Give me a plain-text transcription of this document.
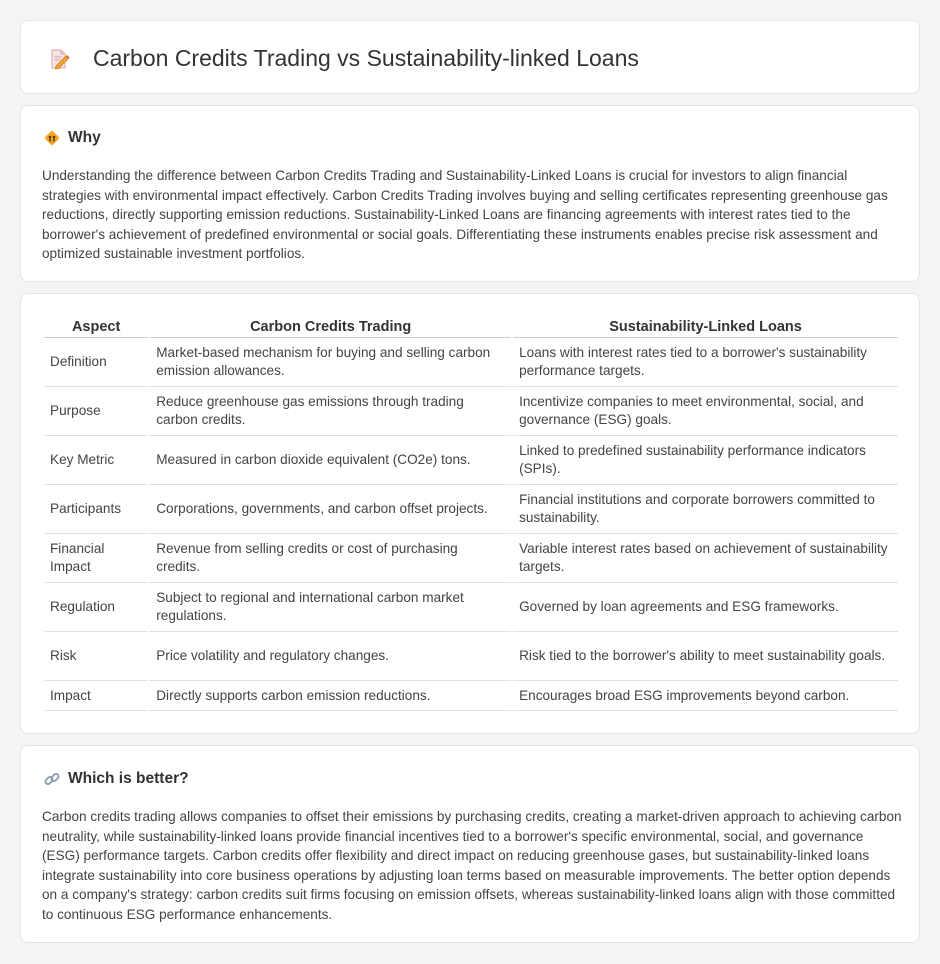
Carbon Credits Trading vs Sustainability-linked Loans
Why

Understanding the difference between Carbon Credits Trading and Sustainability-Linked Loans is crucial for investors to align financial strategies with environmental impact effectively. Carbon Credits Trading involves buying and selling certificates representing greenhouse gas reductions, directly supporting emission reductions. Sustainability-Linked Loans are financing agreements with interest rates tied to the borrower's achievement of predefined environmental or social goals. Differentiating these instruments enables precise risk assessment and optimized sustainable investment portfolios.

Aspect	Carbon Credits Trading	Sustainability-Linked Loans
Definition	Market-based mechanism for buying and selling carbon emission allowances.	Loans with interest rates tied to a borrower's sustainability performance targets.
Purpose	Reduce greenhouse gas emissions through trading carbon credits.	Incentivize companies to meet environmental, social, and governance (ESG) goals.
Key Metric	Measured in carbon dioxide equivalent (CO2e) tons.	Linked to predefined sustainability performance indicators (SPIs).
Participants	Corporations, governments, and carbon offset projects.	Financial institutions and corporate borrowers committed to sustainability.
Financial Impact	Revenue from selling credits or cost of purchasing credits.	Variable interest rates based on achievement of sustainability targets.
Regulation	Subject to regional and international carbon market regulations.	Governed by loan agreements and ESG frameworks.
Risk	Price volatility and regulatory changes.	Risk tied to the borrower's ability to meet sustainability goals.
Impact	Directly supports carbon emission reductions.	Encourages broad ESG improvements beyond carbon.
Which is better?

Carbon credits trading allows companies to offset their emissions by purchasing credits, creating a market-driven approach to achieving carbon neutrality, while sustainability-linked loans provide financial incentives tied to a borrower's specific environmental, social, and governance (ESG) performance targets. Carbon credits offer flexibility and direct impact on reducing greenhouse gases, but sustainability-linked loans integrate sustainability into core business operations by adjusting loan terms based on measurable improvements. The better option depends on a company's strategy: carbon credits suit firms focusing on emission offsets, whereas sustainability-linked loans align with those committed to continuous ESG performance enhancements.
